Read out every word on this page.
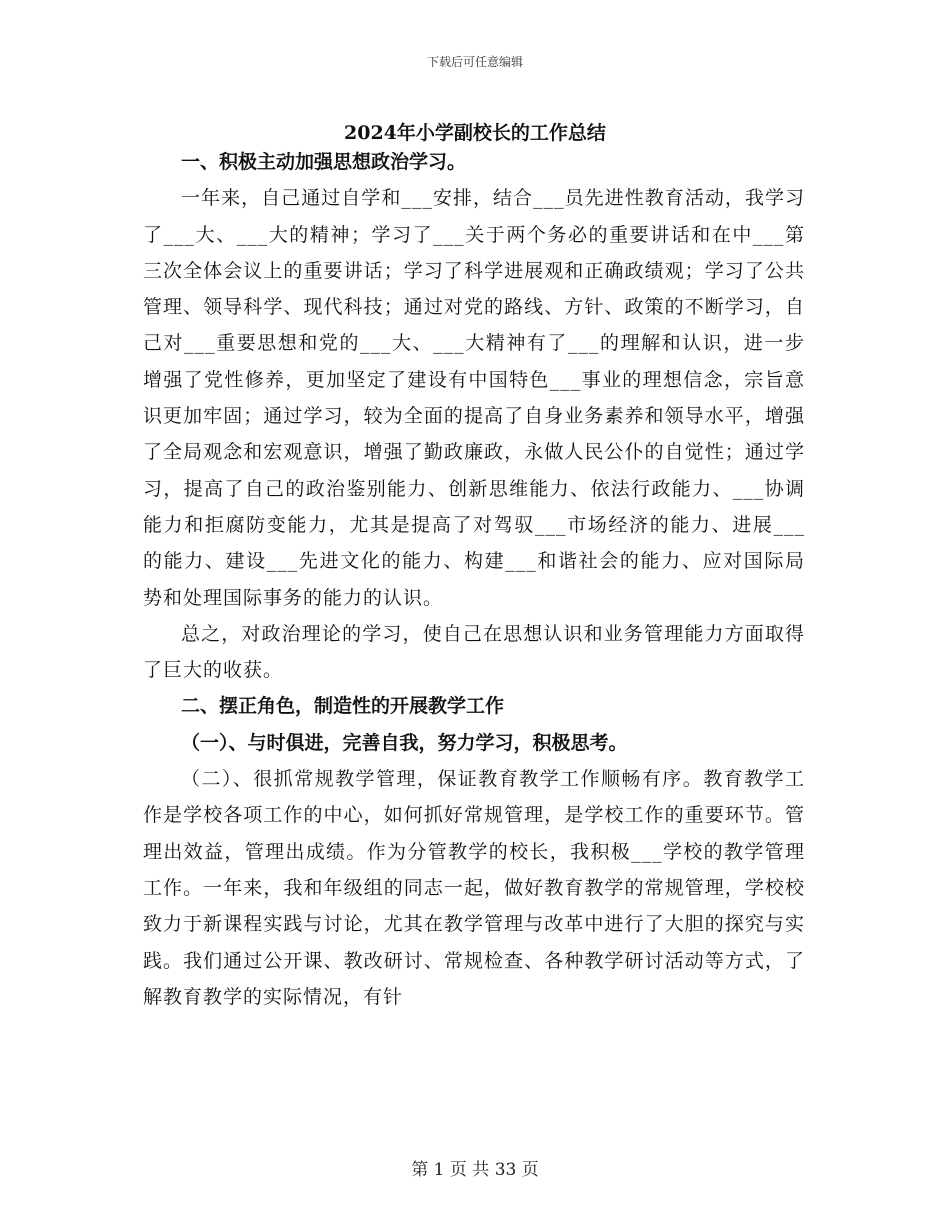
下载后可任意编辑
2024年小学副校长的工作总结

一、积极主动加强思想政治学习。

一年来，自己通过自学和___安排，结合___员先进性教育活动，我学习了___大、___大的精神；学习了___关于两个务必的重要讲话和在中___第三次全体会议上的重要讲话；学习了科学进展观和正确政绩观；学习了公共管理、领导科学、现代科技；通过对党的路线、方针、政策的不断学习，自己对___重要思想和党的___大、___大精神有了___的理解和认识，进一步增强了党性修养，更加坚定了建设有中国特色___事业的理想信念，宗旨意识更加牢固；通过学习，较为全面的提高了自身业务素养和领导水平，增强了全局观念和宏观意识，增强了勤政廉政，永做人民公仆的自觉性；通过学习，提高了自己的政治鉴别能力、创新思维能力、依法行政能力、___协调能力和拒腐防变能力，尤其是提高了对驾驭___市场经济的能力、进展___的能力、建设___先进文化的能力、构建___和谐社会的能力、应对国际局势和处理国际事务的能力的认识。

总之，对政治理论的学习，使自己在思想认识和业务管理能力方面取得了巨大的收获。

二、摆正角色，制造性的开展教学工作

（一）、与时俱进，完善自我，努力学习，积极思考。

（二）、很抓常规教学管理，保证教育教学工作顺畅有序。教育教学工作是学校各项工作的中心，如何抓好常规管理，是学校工作的重要环节。管理出效益，管理出成绩。作为分管教学的校长，我积极___学校的教学管理工作。一年来，我和年级组的同志一起，做好教育教学的常规管理，学校校致力于新课程实践与讨论，尤其在教学管理与改革中进行了大胆的探究与实践。我们通过公开课、教改研讨、常规检查、各种教学研讨活动等方式，了解教育教学的实际情况，有针

第 1 页 共 33 页
